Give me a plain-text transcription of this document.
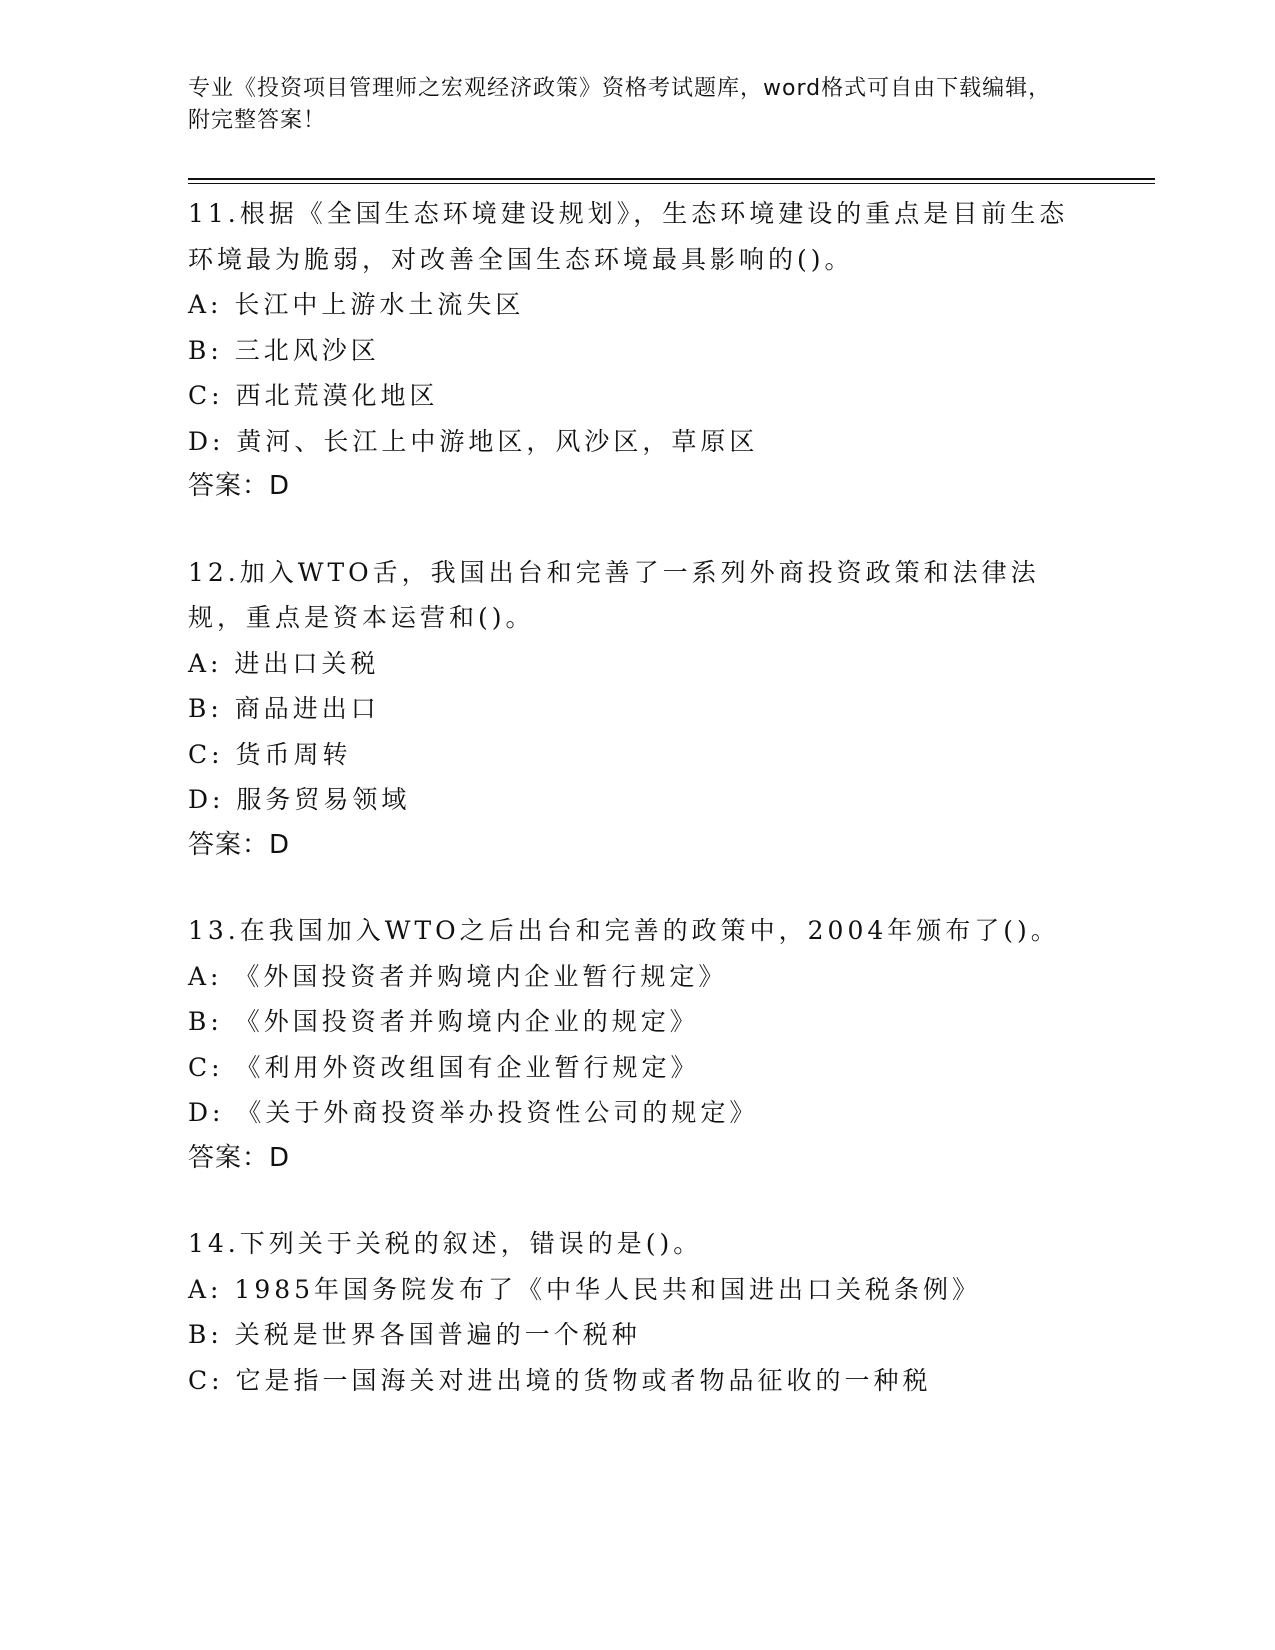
专业《投资项目管理师之宏观经济政策》资格考试题库，word格式可自由下载编辑，附完整答案！
11.根据《全国生态环境建设规划》，生态环境建设的重点是目前生态环境最为脆弱，对改善全国生态环境最具影响的()。
A: 长江中上游水土流失区
B: 三北风沙区
C: 西北荒漠化地区
D: 黄河、长江上中游地区，风沙区，草原区
答案：D
12.加入WTO舌，我国出台和完善了一系列外商投资政策和法律法规，重点是资本运营和()。
A: 进出口关税
B: 商品进出口
C: 货币周转
D: 服务贸易领域
答案：D
13.在我国加入WTO之后出台和完善的政策中，2004年颁布了()。
A: 《外国投资者并购境内企业暂行规定》
B: 《外国投资者并购境内企业的规定》
C: 《利用外资改组国有企业暂行规定》
D: 《关于外商投资举办投资性公司的规定》
答案：D
14.下列关于关税的叙述，错误的是()。
A: 1985年国务院发布了《中华人民共和国进出口关税条例》
B: 关税是世界各国普遍的一个税种
C: 它是指一国海关对进出境的货物或者物品征收的一种税
